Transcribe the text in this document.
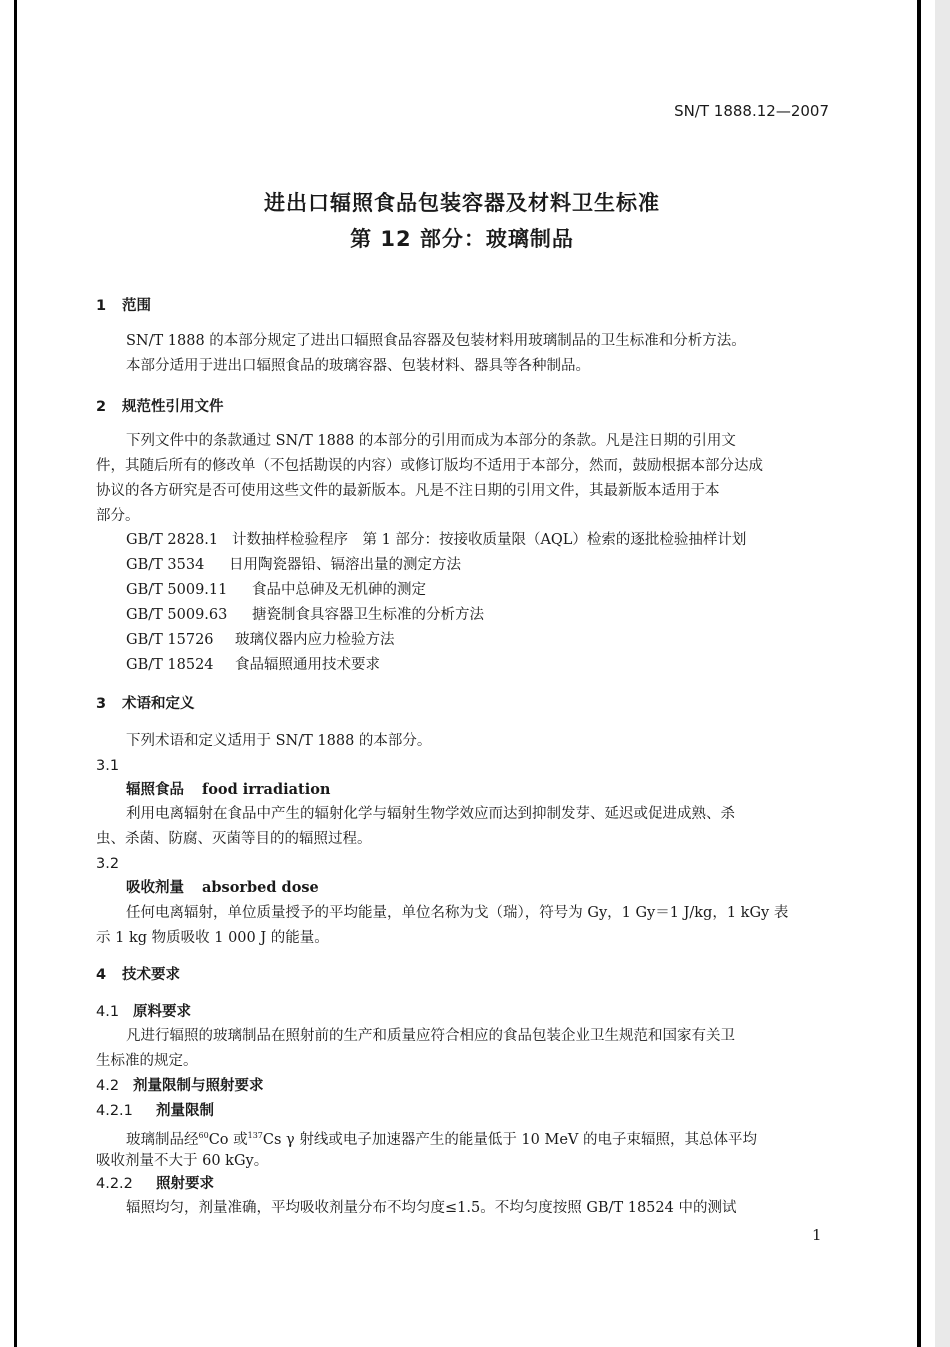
SN/T 1888.12—2007
进出口辐照食品包装容器及材料卫生标准
第 12 部分：玻璃制品
1 范围
SN/T 1888 的本部分规定了进出口辐照食品容器及包装材料用玻璃制品的卫生标准和分析方法。
本部分适用于进出口辐照食品的玻璃容器、包装材料、器具等各种制品。
2 规范性引用文件
下列文件中的条款通过 SN/T 1888 的本部分的引用而成为本部分的条款。凡是注日期的引用文
件，其随后所有的修改单（不包括勘误的内容）或修订版均不适用于本部分，然而，鼓励根据本部分达成
协议的各方研究是否可使用这些文件的最新版本。凡是不注日期的引用文件，其最新版本适用于本
部分。
GB/T 2828.1 计数抽样检验程序　第 1 部分：按接收质量限（AQL）检索的逐批检验抽样计划
GB/T 3534 日用陶瓷器铅、镉溶出量的测定方法
GB/T 5009.11 食品中总砷及无机砷的测定
GB/T 5009.63 搪瓷制食具容器卫生标准的分析方法
GB/T 15726 玻璃仪器内应力检验方法
GB/T 18524 食品辐照通用技术要求
3 术语和定义
下列术语和定义适用于 SN/T 1888 的本部分。
3.1
辐照食品 food irradiation
利用电离辐射在食品中产生的辐射化学与辐射生物学效应而达到抑制发芽、延迟或促进成熟、杀
虫、杀菌、防腐、灭菌等目的的辐照过程。
3.2
吸收剂量 absorbed dose
任何电离辐射，单位质量授予的平均能量，单位名称为戈（瑞），符号为 Gy，1 Gy＝1 J/kg，1 kGy 表
示 1 kg 物质吸收 1 000 J 的能量。
4 技术要求
4.1 原料要求
凡进行辐照的玻璃制品在照射前的生产和质量应符合相应的食品包装企业卫生规范和国家有关卫
生标准的规定。
4.2 剂量限制与照射要求
4.2.1 剂量限制
玻璃制品经$^{60}$Co 或$^{137}$Cs γ 射线或电子加速器产生的能量低于 10 MeV 的电子束辐照，其总体平均
吸收剂量不大于 60 kGy。
4.2.2 照射要求
辐照均匀，剂量准确，平均吸收剂量分布不均匀度≤1.5。不均匀度按照 GB/T 18524 中的测试
1
